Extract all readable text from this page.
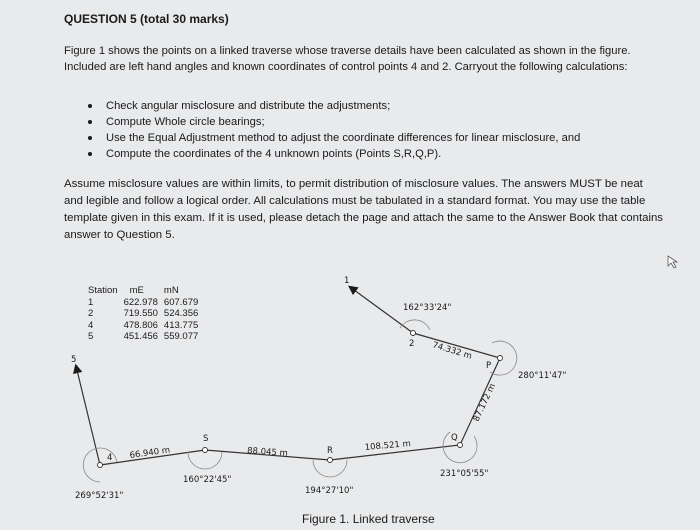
QUESTION 5 (total 30 marks)
Figure 1 shows the points on a linked traverse whose traverse details have been calculated as shown in the figure. Included are left hand angles and known coordinates of control points 4 and 2. Carryout the following calculations:
Check angular misclosure and distribute the adjustments;
Compute Whole circle bearings;
Use the Equal Adjustment method to adjust the coordinate differences for linear misclosure, and
Compute the coordinates of the 4 unknown points (Points S,R,Q,P).
Assume misclosure values are within limits, to permit distribution of misclosure values. The answers MUST be neat and legible and follow a logical order. All calculations must be tabulated in a standard format. You may use the table template given in this exam. If it is used, please detach the page and attach the same to the Answer Book that contains answer to Question 5.
Station	mE	mN
1	622.978	607.679
2	719.550	524.356
4	478.806	413.775
5	451.456	559.077
1
2
4
5
S
R
Q
P
66.940 m	88.045 m	108.521 m
87.172 m
74.332 m
269°52'31"
160°22'45"
194°27'10"
231°05'55"
280°11'47"
162°33'24"
Figure 1. Linked traverse
